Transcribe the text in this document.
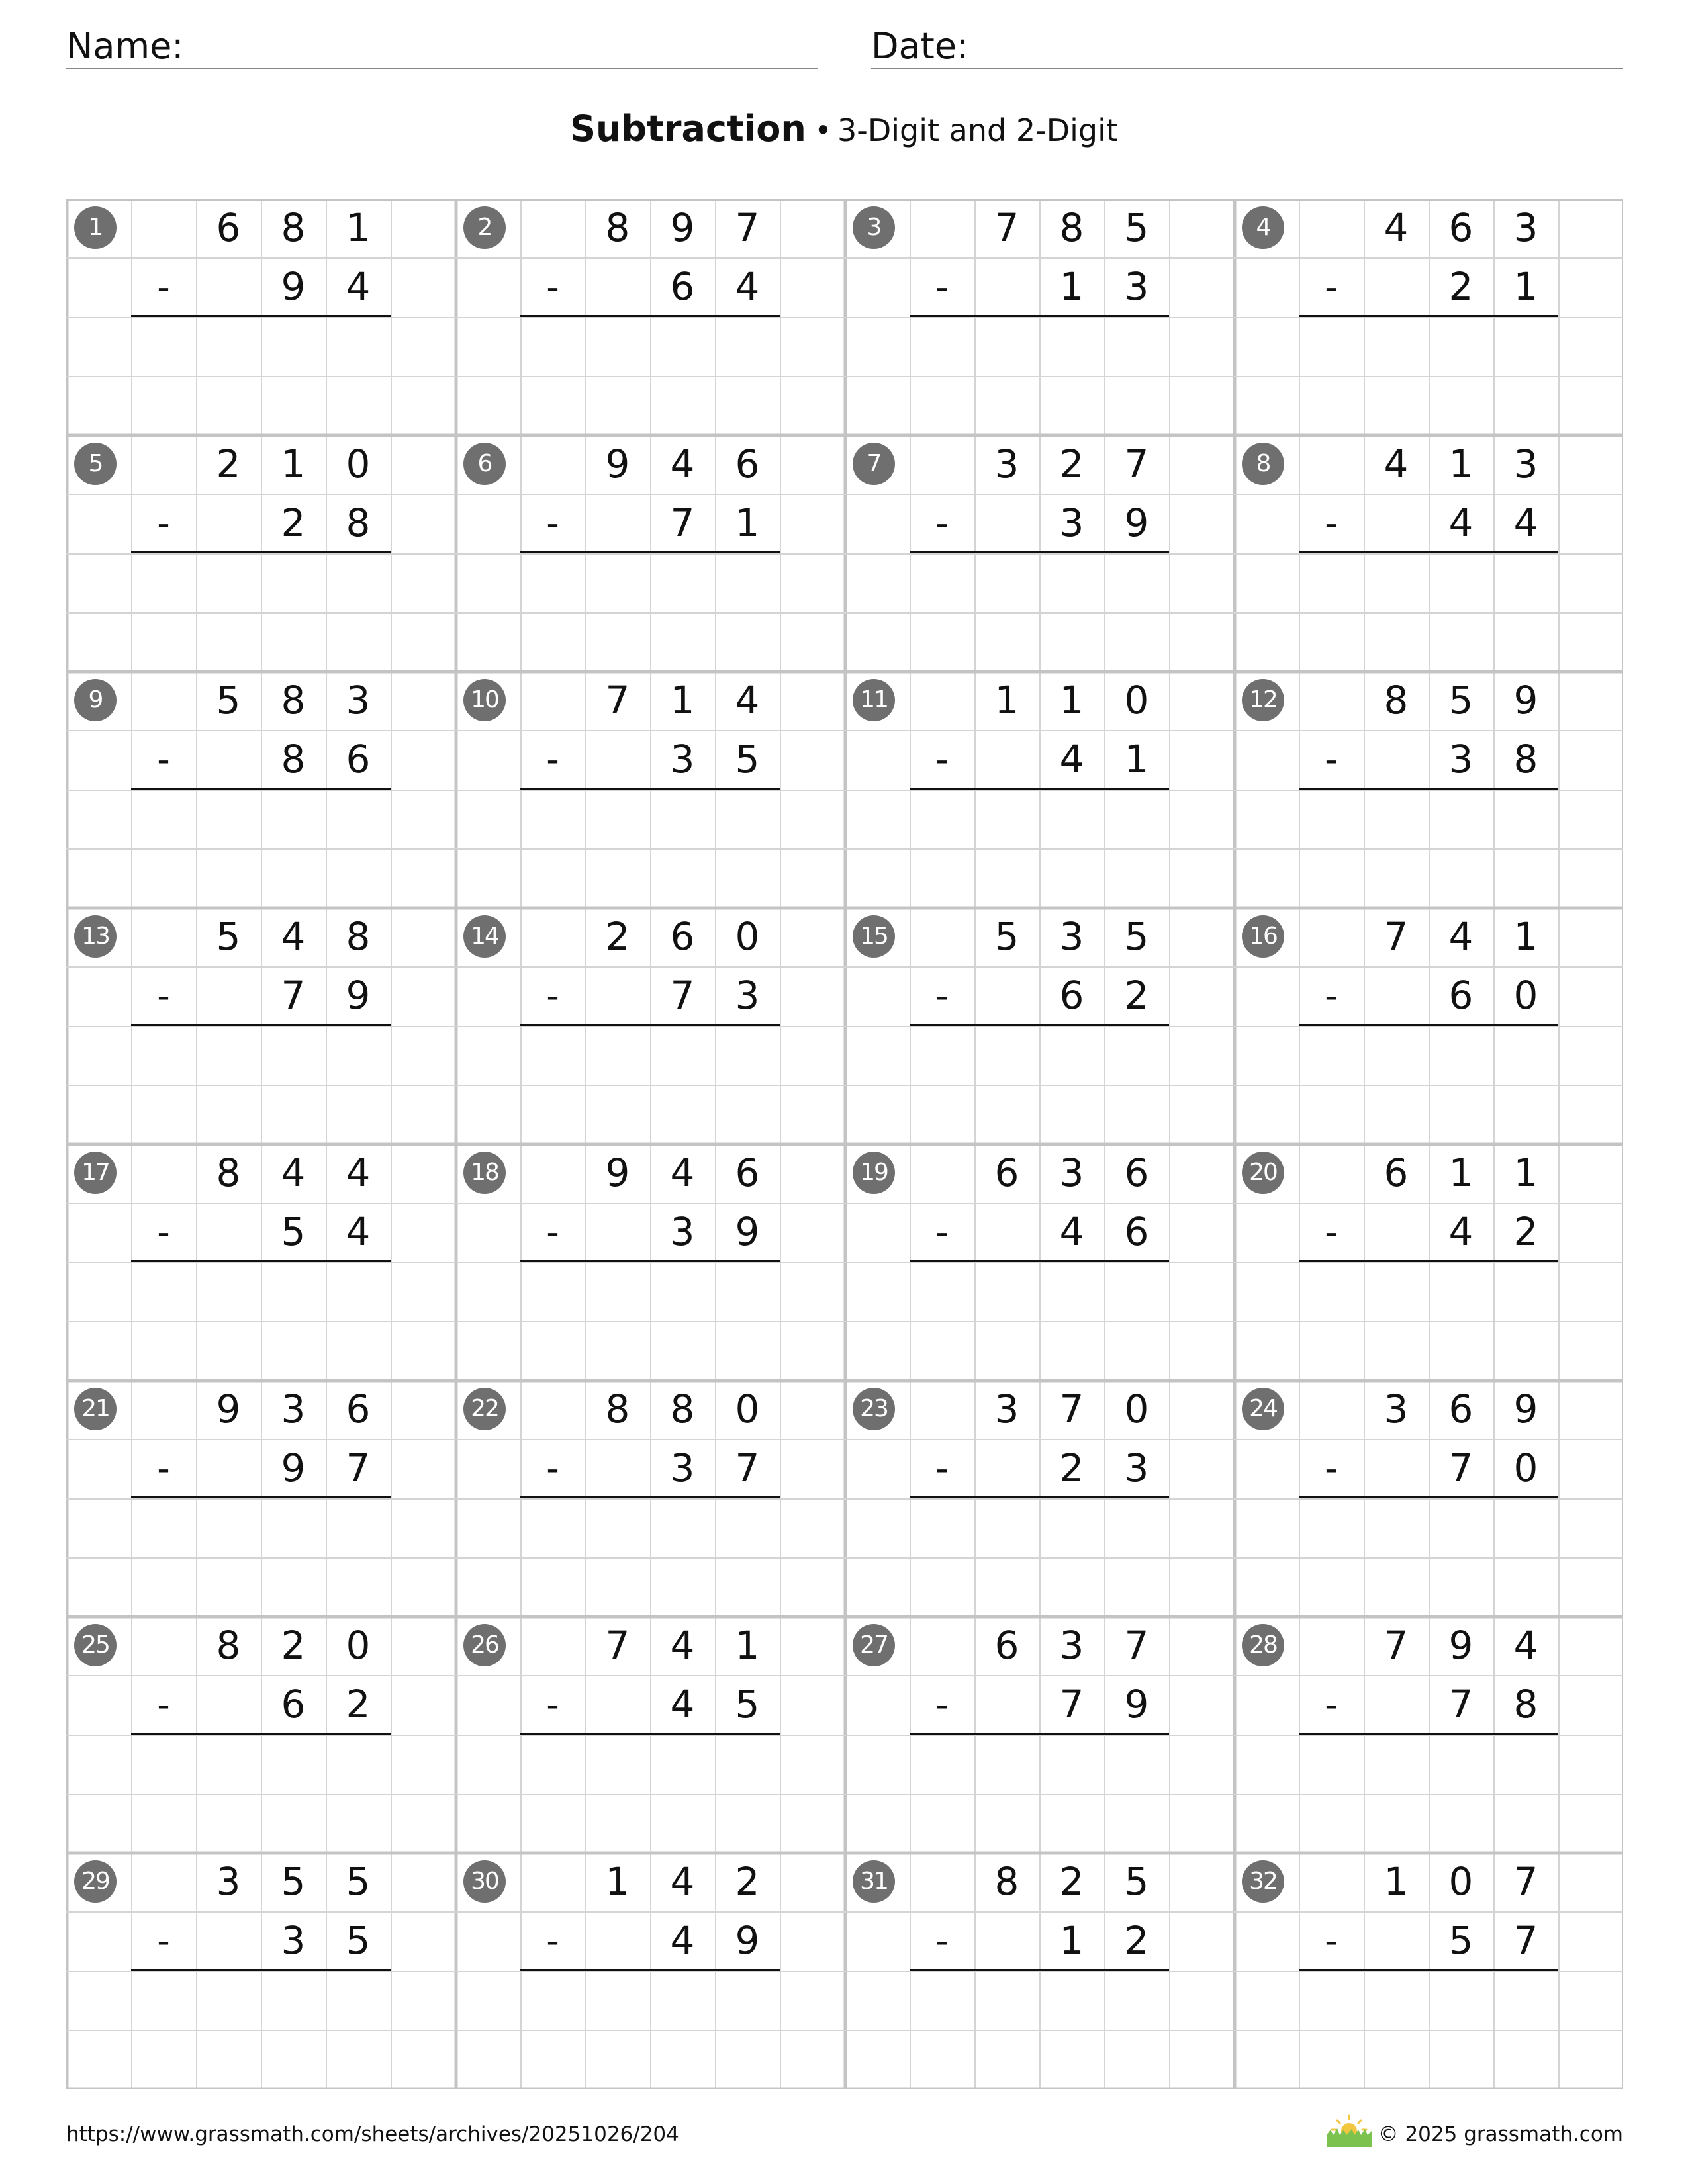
Name:	Date:
Subtraction • 3-Digit and 2-Digit
1	6	8	1
-	9	4
2	8	9	7
-	6	4
3	7	8	5
-	1	3
4	4	6	3
-	2	1
5	2	1	0
-	2	8
6	9	4	6
-	7	1
7	3	2	7
-	3	9
8	4	1	3
-	4	4
9	5	8	3
-	8	6
10	7	1	4
-	3	5
11	1	1	0
-	4	1
12	8	5	9
-	3	8
13	5	4	8
-	7	9
14	2	6	0
-	7	3
15	5	3	5
-	6	2
16	7	4	1
-	6	0
17	8	4	4
-	5	4
18	9	4	6
-	3	9
19	6	3	6
-	4	6
20	6	1	1
-	4	2
21	9	3	6
-	9	7
22	8	8	0
-	3	7
23	3	7	0
-	2	3
24	3	6	9
-	7	0
25	8	2	0
-	6	2
26	7	4	1
-	4	5
27	6	3	7
-	7	9
28	7	9	4
-	7	8
29	3	5	5
-	3	5
30	1	4	2
-	4	9
31	8	2	5
-	1	2
32	1	0	7
-	5	7
https://www.grassmath.com/sheets/archives/20251026/204	© 2025 grassmath.com
